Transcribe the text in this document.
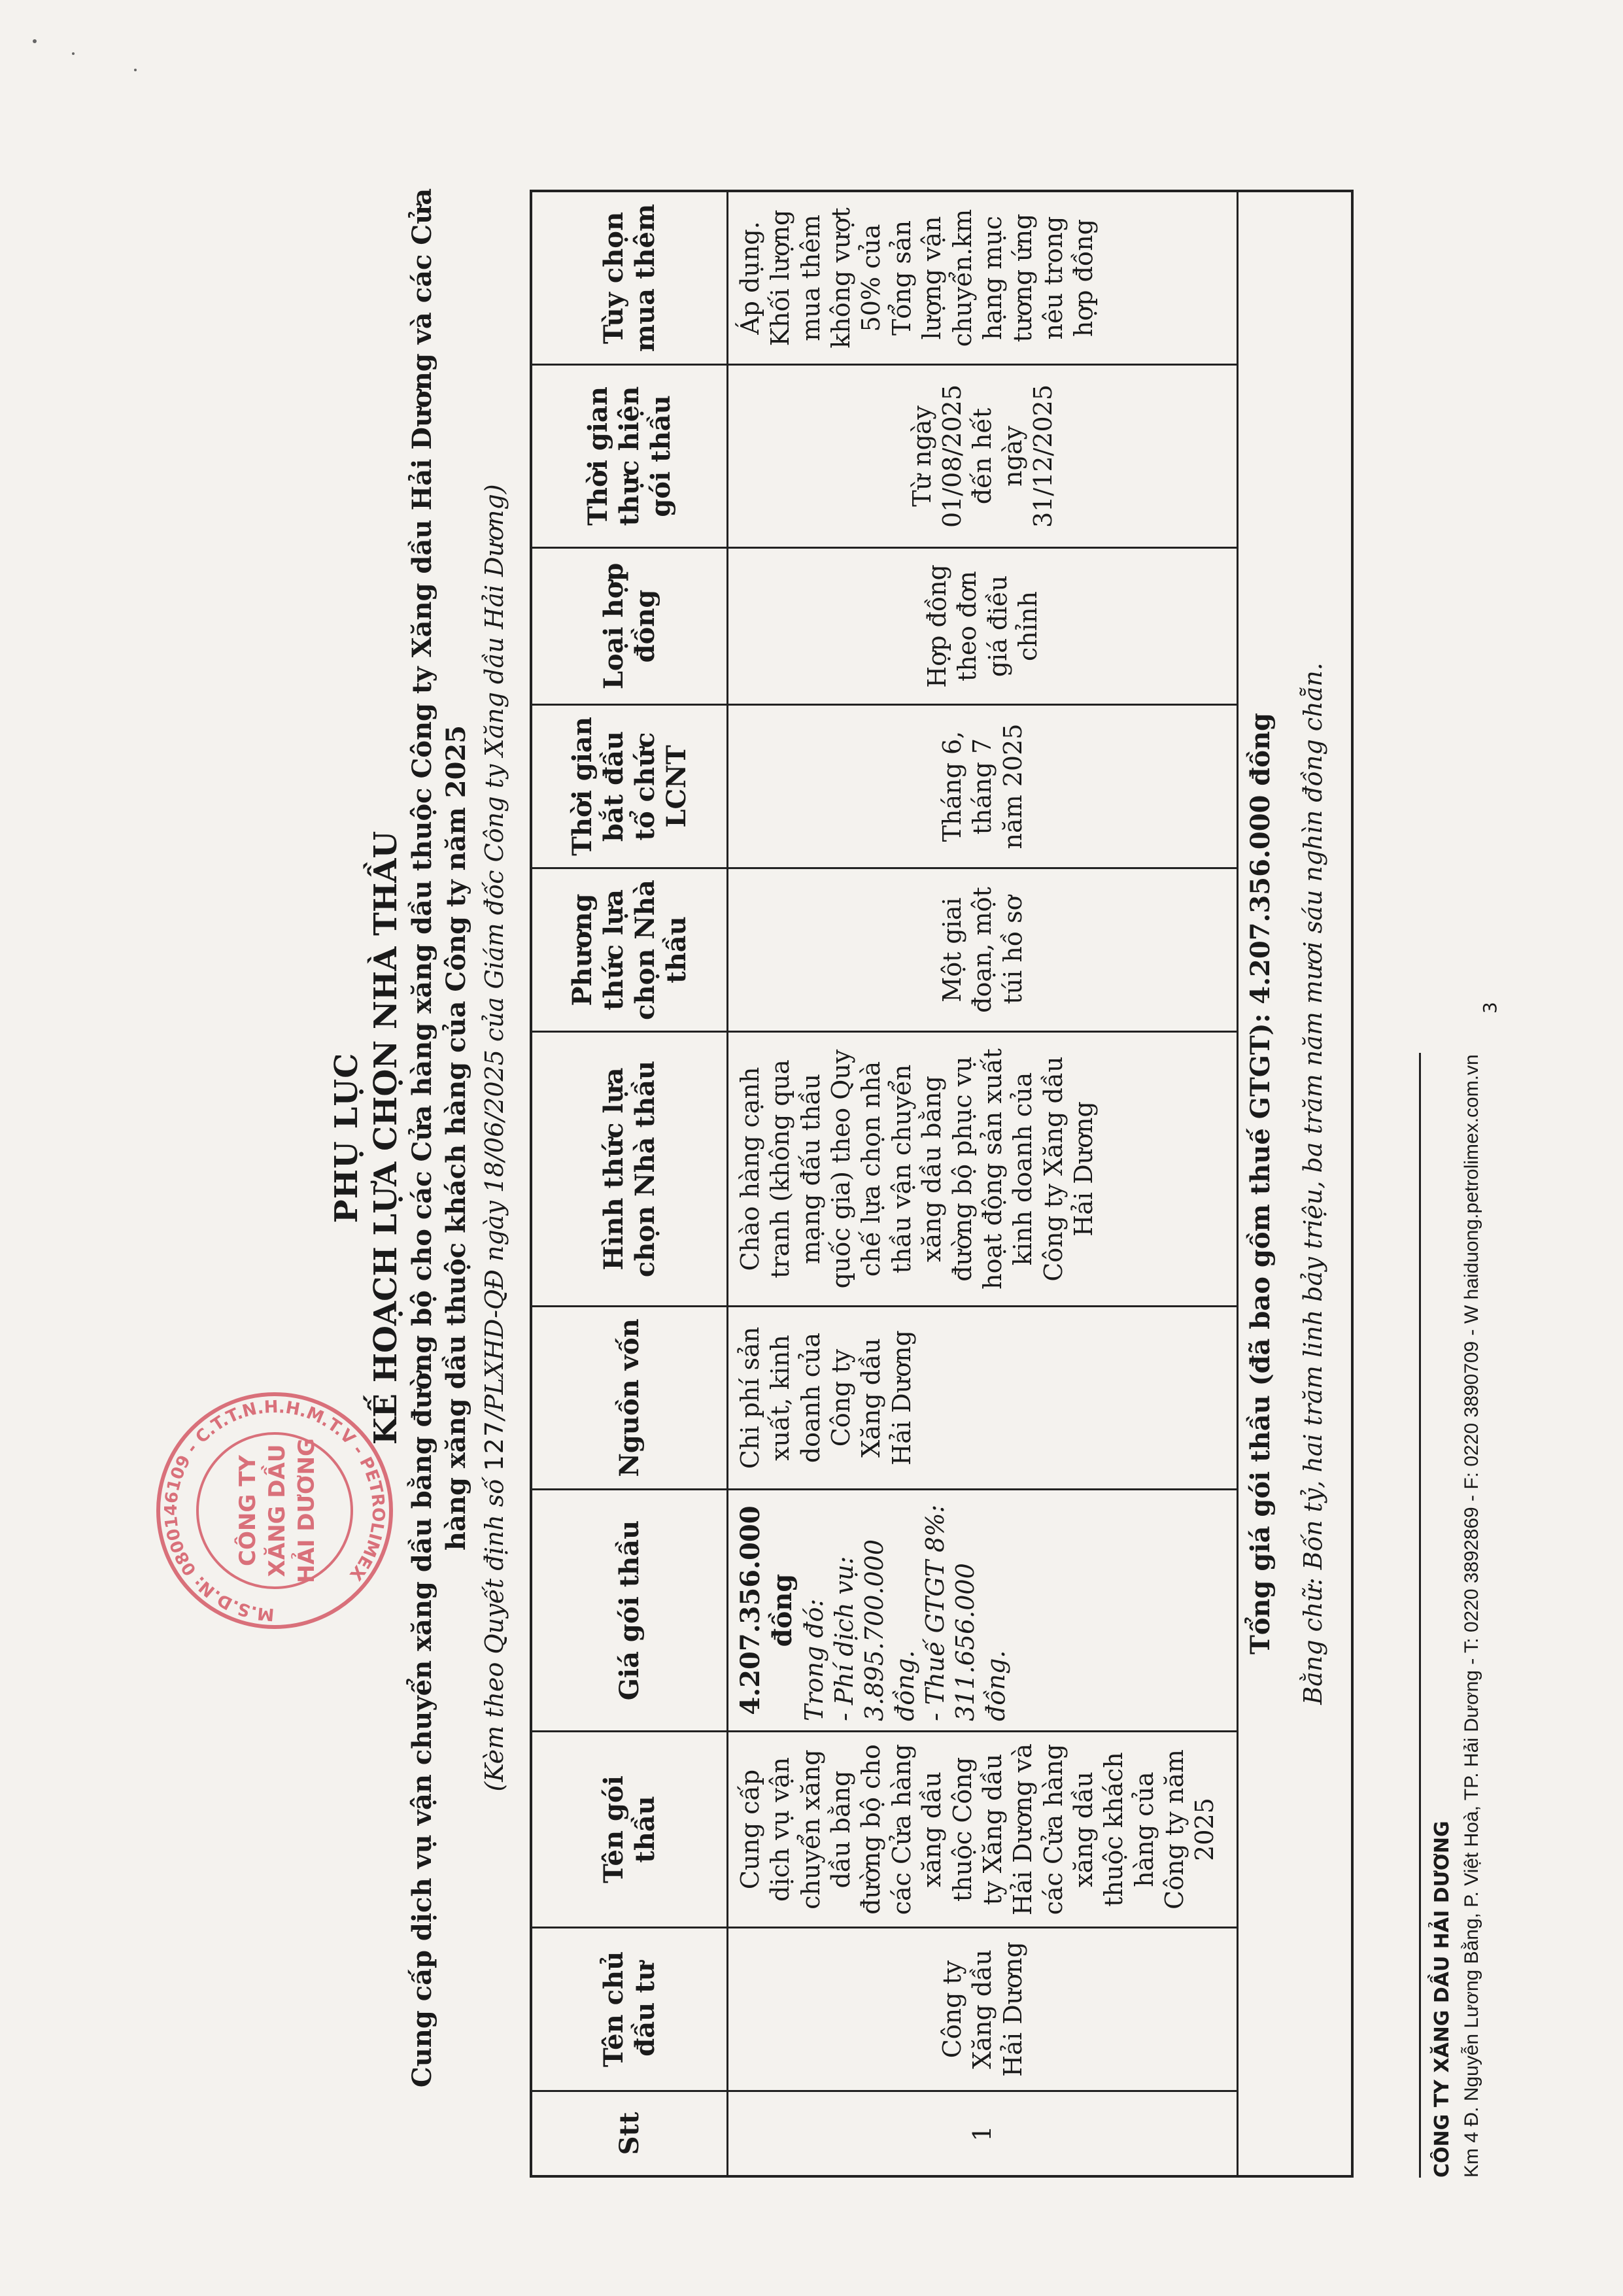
M.S.D.N: 0800146109 - C.T.T.N.H.H.M.T.V - PETROLIMEX
CÔNG TY XĂNG DẦU HẢI DƯƠNG
PHỤ LỤC KẾ HOẠCH LỰA CHỌN NHÀ THẦU Cung cấp dịch vụ vận chuyển xăng dầu bằng đường bộ cho các Cửa hàng xăng dầu thuộc Công ty Xăng dầu Hải Dương và các Cửa hàng xăng dầu thuộc khách hàng của Công ty năm 2025
(Kèm theo Quyết định số 127/PLXHD-QĐ ngày 18/06/2025 của Giám đốc Công ty Xăng dầu Hải Dương)
Stt
Tên chủ đầu tư
Tên gói thầu
Giá gói thầu
Nguồn vốn
Hình thức lựa chọn Nhà thầu
Phương thức lựa chọn Nhà thầu
Thời gian bắt đầu tổ chức LCNT
Loại hợp đồng
Thời gian thực hiện gói thầu
Tùy chọn mua thêm
1
Công ty Xăng dầu Hải Dương
Cung cấp dịch vụ vận chuyển xăng dầu bằng đường bộ cho các Cửa hàng xăng dầu thuộc Công ty Xăng dầu Hải Dương và các Cửa hàng xăng dầu thuộc khách hàng của Công ty năm 2025
4.207.356.000 đồng Trong đó: - Phí dịch vụ: 3.895.700.000 đồng. - Thuế GTGT 8%: 311.656.000 đồng.
Chi phí sản xuất, kinh doanh của Công ty Xăng dầu Hải Dương
Chào hàng cạnh tranh (không qua mạng đấu thầu quốc gia) theo Quy chế lựa chọn nhà thầu vận chuyển xăng dầu bằng đường bộ phục vụ hoạt động sản xuất kinh doanh của Công ty Xăng dầu Hải Dương
Một giai đoạn, một túi hồ sơ
Tháng 6, tháng 7 năm 2025
Hợp đồng theo đơn giá điều chỉnh
Từ ngày 01/08/2025 đến hết ngày 31/12/2025
Áp dụng. Khối lượng mua thêm không vượt 50% của Tổng sản lượng vận chuyển.km hạng mục tương ứng nêu trong hợp đồng
Tổng giá gói thầu (đã bao gồm thuế GTGT): 4.207.356.000 đồng Bằng chữ: Bốn tỷ, hai trăm linh bảy triệu, ba trăm năm mươi sáu nghìn đồng chẵn.
CÔNG TY XĂNG DẦU HẢI DƯƠNG Km 4 Đ. Nguyễn Lương Bằng, P. Việt Hoà, TP. Hải Dương - T: 0220 3892869 - F: 0220 3890709 - W haiduong.petrolimex.com.vn
3
